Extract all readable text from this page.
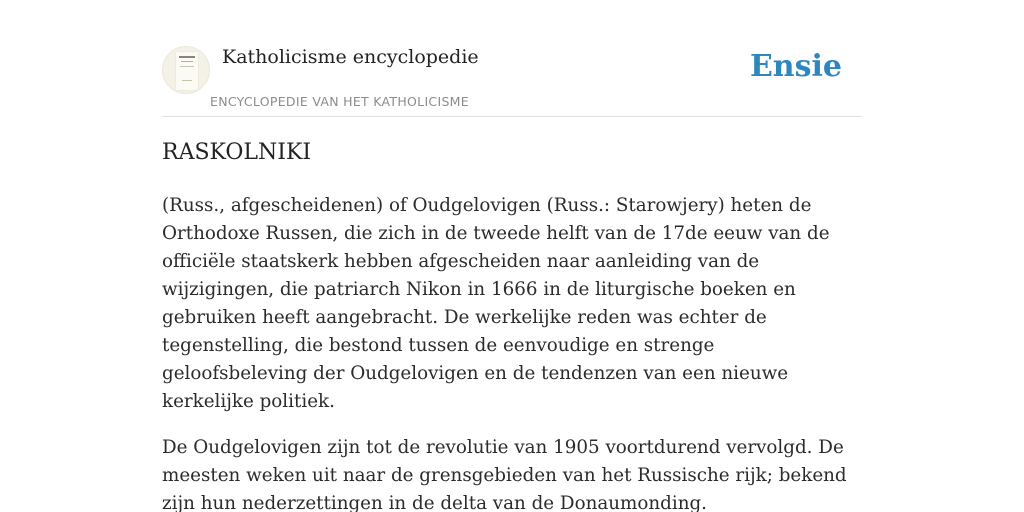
Katholicisme encyclopedie
ENCYCLOPEDIE VAN HET KATHOLICISME
Ensie
RASKOLNIKI

(Russ., afgescheidenen) of Oudgelovigen (Russ.: Starowjery) heten de Orthodoxe Russen, die zich in de tweede helft van de 17de eeuw van de officiële staatskerk hebben afgescheiden naar aanleiding van de wijzigingen, die patriarch Nikon in 1666 in de liturgische boeken en gebruiken heeft aangebracht. De werkelijke reden was echter de tegenstelling, die bestond tussen de eenvoudige en strenge geloofsbeleving der Oudgelovigen en de tendenzen van een nieuwe kerkelijke politiek.

De Oudgelovigen zijn tot de revolutie van 1905 voortdurend vervolgd. De meesten weken uit naar de grensgebieden van het Russische rijk; bekend zijn hun nederzettingen in de delta van de Donaumonding.
